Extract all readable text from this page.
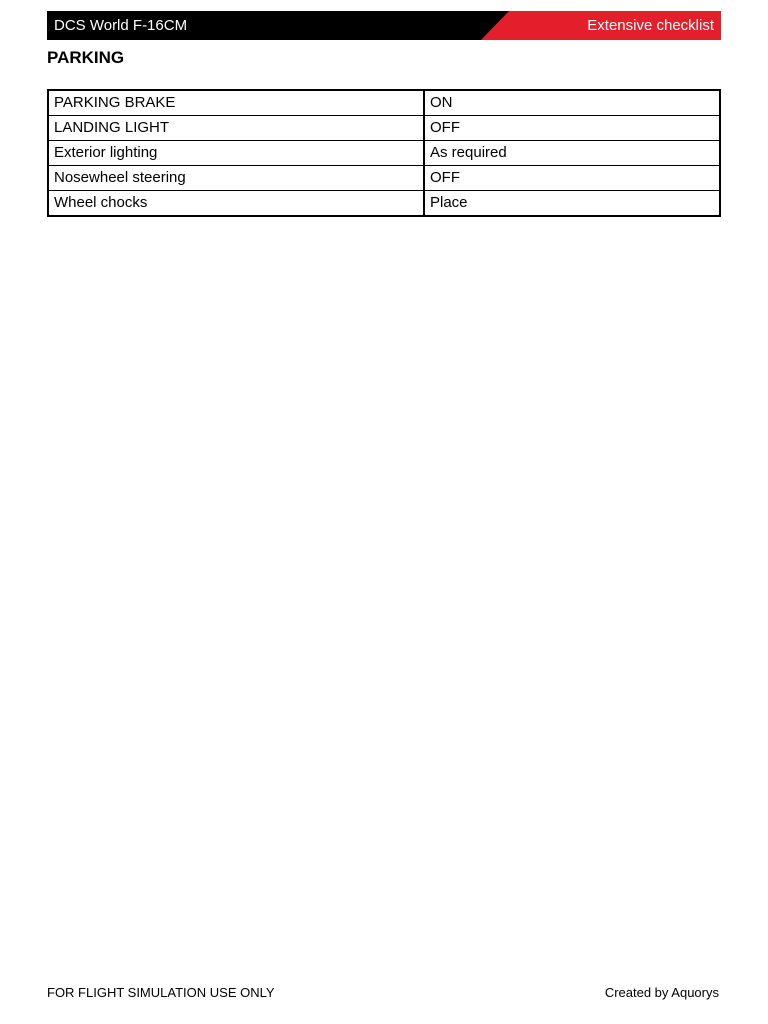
DCS World F-16CM	Extensive checklist
PARKING
PARKING BRAKE	ON
LANDING LIGHT	OFF
Exterior lighting	As required
Nosewheel steering	OFF
Wheel chocks	Place
FOR FLIGHT SIMULATION USE ONLY	Created by Aquorys
